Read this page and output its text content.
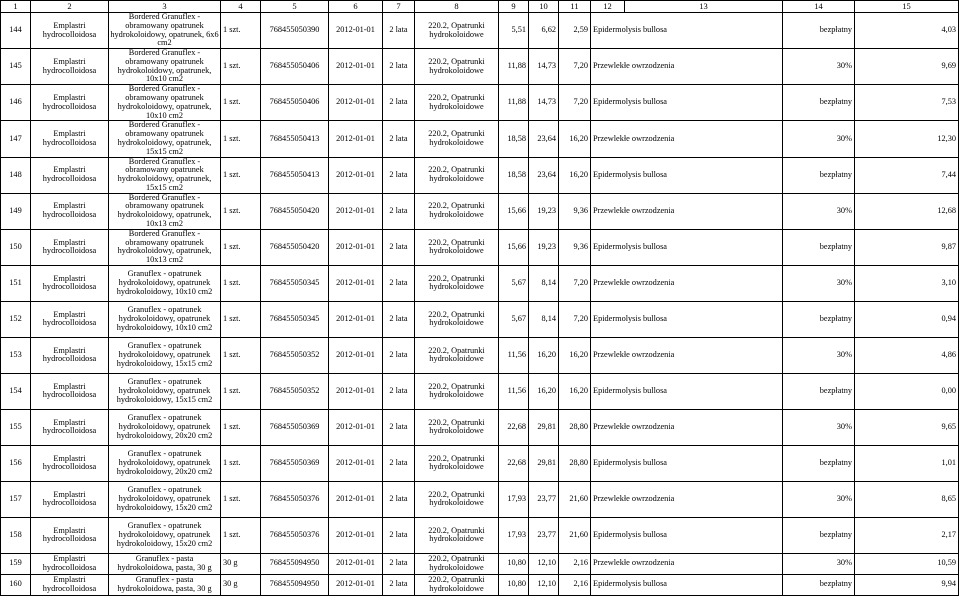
1	2	3	4	5	6	7	8	9	10	11	12	13	14	15
144	Emplastri hydrocolloidosa	Bordered Granuflex - obramowany opatrunek hydrokoloidowy, opatrunek, 6x6 cm2	1 szt.	768455050390	2012-01-01	2 lata	220.2, Opatrunki hydrokoloidowe	5,51	6,62	2,59	Epidermolysis bullosa		bezpłatny	4,03
145	Emplastri hydrocolloidosa	Bordered Granuflex - obramowany opatrunek hydrokoloidowy, opatrunek, 10x10 cm2	1 szt.	768455050406	2012-01-01	2 lata	220.2, Opatrunki hydrokoloidowe	11,88	14,73	7,20	Przewlekłe owrzodzenia		30%	9,69
146	Emplastri hydrocolloidosa	Bordered Granuflex - obramowany opatrunek hydrokoloidowy, opatrunek, 10x10 cm2	1 szt.	768455050406	2012-01-01	2 lata	220.2, Opatrunki hydrokoloidowe	11,88	14,73	7,20	Epidermolysis bullosa		bezpłatny	7,53
147	Emplastri hydrocolloidosa	Bordered Granuflex - obramowany opatrunek hydrokoloidowy, opatrunek, 15x15 cm2	1 szt.	768455050413	2012-01-01	2 lata	220.2, Opatrunki hydrokoloidowe	18,58	23,64	16,20	Przewlekłe owrzodzenia		30%	12,30
148	Emplastri hydrocolloidosa	Bordered Granuflex - obramowany opatrunek hydrokoloidowy, opatrunek, 15x15 cm2	1 szt.	768455050413	2012-01-01	2 lata	220.2, Opatrunki hydrokoloidowe	18,58	23,64	16,20	Epidermolysis bullosa		bezpłatny	7,44
149	Emplastri hydrocolloidosa	Bordered Granuflex - obramowany opatrunek hydrokoloidowy, opatrunek, 10x13 cm2	1 szt.	768455050420	2012-01-01	2 lata	220.2, Opatrunki hydrokoloidowe	15,66	19,23	9,36	Przewlekłe owrzodzenia		30%	12,68
150	Emplastri hydrocolloidosa	Bordered Granuflex - obramowany opatrunek hydrokoloidowy, opatrunek, 10x13 cm2	1 szt.	768455050420	2012-01-01	2 lata	220.2, Opatrunki hydrokoloidowe	15,66	19,23	9,36	Epidermolysis bullosa		bezpłatny	9,87
151	Emplastri hydrocolloidosa	Granuflex - opatrunek hydrokoloidowy, opatrunek hydrokoloidowy, 10x10 cm2	1 szt.	768455050345	2012-01-01	2 lata	220.2, Opatrunki hydrokoloidowe	5,67	8,14	7,20	Przewlekłe owrzodzenia		30%	3,10
152	Emplastri hydrocolloidosa	Granuflex - opatrunek hydrokoloidowy, opatrunek hydrokoloidowy, 10x10 cm2	1 szt.	768455050345	2012-01-01	2 lata	220.2, Opatrunki hydrokoloidowe	5,67	8,14	7,20	Epidermolysis bullosa		bezpłatny	0,94
153	Emplastri hydrocolloidosa	Granuflex - opatrunek hydrokoloidowy, opatrunek hydrokoloidowy, 15x15 cm2	1 szt.	768455050352	2012-01-01	2 lata	220.2, Opatrunki hydrokoloidowe	11,56	16,20	16,20	Przewlekłe owrzodzenia		30%	4,86
154	Emplastri hydrocolloidosa	Granuflex - opatrunek hydrokoloidowy, opatrunek hydrokoloidowy, 15x15 cm2	1 szt.	768455050352	2012-01-01	2 lata	220.2, Opatrunki hydrokoloidowe	11,56	16,20	16,20	Epidermolysis bullosa		bezpłatny	0,00
155	Emplastri hydrocolloidosa	Granuflex - opatrunek hydrokoloidowy, opatrunek hydrokoloidowy, 20x20 cm2	1 szt.	768455050369	2012-01-01	2 lata	220.2, Opatrunki hydrokoloidowe	22,68	29,81	28,80	Przewlekłe owrzodzenia		30%	9,65
156	Emplastri hydrocolloidosa	Granuflex - opatrunek hydrokoloidowy, opatrunek hydrokoloidowy, 20x20 cm2	1 szt.	768455050369	2012-01-01	2 lata	220.2, Opatrunki hydrokoloidowe	22,68	29,81	28,80	Epidermolysis bullosa		bezpłatny	1,01
157	Emplastri hydrocolloidosa	Granuflex - opatrunek hydrokoloidowy, opatrunek hydrokoloidowy, 15x20 cm2	1 szt.	768455050376	2012-01-01	2 lata	220.2, Opatrunki hydrokoloidowe	17,93	23,77	21,60	Przewlekłe owrzodzenia		30%	8,65
158	Emplastri hydrocolloidosa	Granuflex - opatrunek hydrokoloidowy, opatrunek hydrokoloidowy, 15x20 cm2	1 szt.	768455050376	2012-01-01	2 lata	220.2, Opatrunki hydrokoloidowe	17,93	23,77	21,60	Epidermolysis bullosa		bezpłatny	2,17
159	Emplastri hydrocolloidosa	Granuflex - pasta hydrokoloidowa, pasta, 30 g	30 g	768455094950	2012-01-01	2 lata	220.2, Opatrunki hydrokoloidowe	10,80	12,10	2,16	Przewlekłe owrzodzenia		30%	10,59
160	Emplastri hydrocolloidosa	Granuflex - pasta hydrokoloidowa, pasta, 30 g	30 g	768455094950	2012-01-01	2 lata	220.2, Opatrunki hydrokoloidowe	10,80	12,10	2,16	Epidermolysis bullosa		bezpłatny	9,94
